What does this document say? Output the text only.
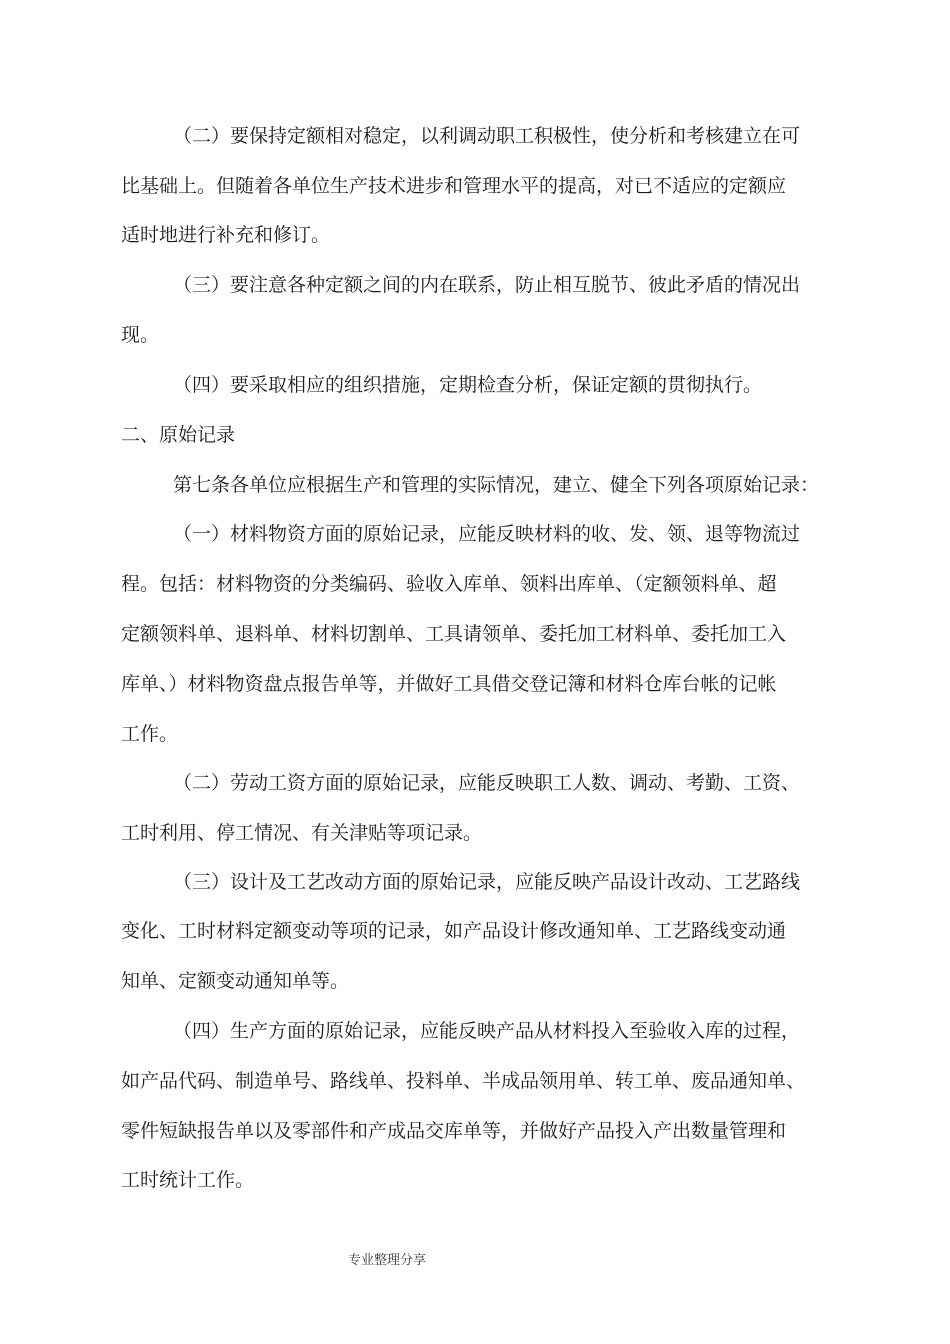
（二）要保持定额相对稳定，以利调动职工积极性，使分析和考核建立在可
比基础上。但随着各单位生产技术进步和管理水平的提高，对已不适应的定额应
适时地进行补充和修订。
（三）要注意各种定额之间的内在联系，防止相互脱节、彼此矛盾的情况出
现。
（四）要采取相应的组织措施，定期检查分析，保证定额的贯彻执行。
二、原始记录
第七条各单位应根据生产和管理的实际情况，建立、健全下列各项原始记录：
（一）材料物资方面的原始记录，应能反映材料的收、发、领、退等物流过
程。包括：材料物资的分类编码、验收入库单、领料出库单、（定额领料单、超
定额领料单、退料单、材料切割单、工具请领单、委托加工材料单、委托加工入
库单、）材料物资盘点报告单等，并做好工具借交登记簿和材料仓库台帐的记帐
工作。
（二）劳动工资方面的原始记录，应能反映职工人数、调动、考勤、工资、
工时利用、停工情况、有关津贴等项记录。
（三）设计及工艺改动方面的原始记录，应能反映产品设计改动、工艺路线
变化、工时材料定额变动等项的记录，如产品设计修改通知单、工艺路线变动通
知单、定额变动通知单等。
（四）生产方面的原始记录，应能反映产品从材料投入至验收入库的过程，
如产品代码、制造单号、路线单、投料单、半成品领用单、转工单、废品通知单、
零件短缺报告单以及零部件和产成品交库单等，并做好产品投入产出数量管理和
工时统计工作。
专业整理分享
